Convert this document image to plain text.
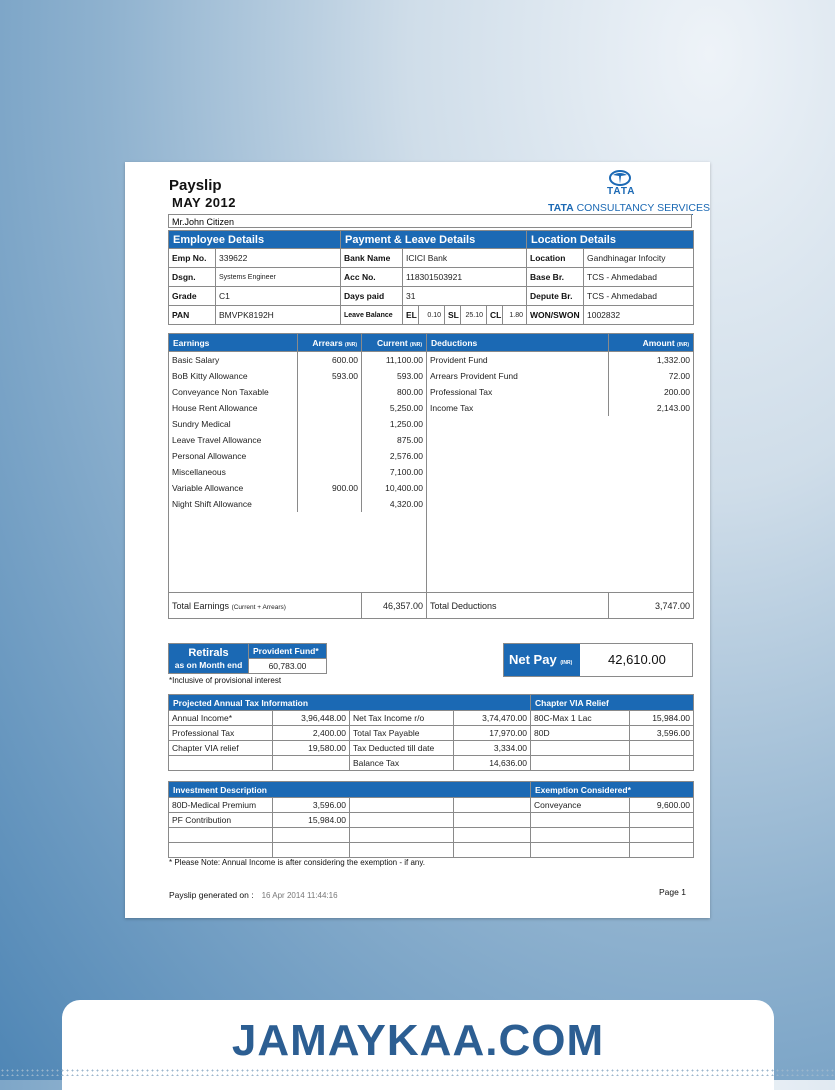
Payslip
MAY 2012
TATA
TATA CONSULTANCY SERVICES
Mr.John Citizen
Employee Details		Payment & Leave Details							Location Details	
Emp No.	339622	Bank Name	ICICI Bank						Location	Gandhinagar Infocity
Dsgn.	Systems Engineer	Acc No.	118301503921						Base Br.	TCS - Ahmedabad
Grade	C1	Days paid	31						Depute Br.	TCS - Ahmedabad
PAN	BMVPK8192H	Leave Balance	EL	0.10	SL	25.10	CL	1.80	WON/SWON	1002832
Earnings	Arrears (INR)	Current (INR)	Deductions	Amount (INR)
Basic Salary	600.00	11,100.00	Provident Fund	1,332.00
BoB Kitty Allowance	593.00	593.00	Arrears Provident Fund	72.00
Conveyance Non Taxable		800.00	Professional Tax	200.00
House Rent Allowance		5,250.00	Income Tax	2,143.00
Sundry Medical		1,250.00		
Leave Travel Allowance		875.00		
Personal Allowance		2,576.00		
Miscellaneous		7,100.00		
Variable Allowance	900.00	10,400.00		
Night Shift Allowance		4,320.00		

Total Earnings (Current + Arrears)		46,357.00	Total Deductions	3,747.00
Retirals
as on Month end	Provident Fund*
60,783.00
*Inclusive of provisional interest
Net Pay (INR)	42,610.00
Projected Annual Tax Information				Chapter VIA Relief	
Annual Income*	3,96,448.00	Net Tax Income r/o	3,74,470.00	80C-Max 1 Lac	15,984.00
Professional Tax	2,400.00	Total Tax Payable	17,970.00	80D	3,596.00
Chapter VIA relief	19,580.00	Tax Deducted till date	3,334.00		
		Balance Tax	14,636.00		
Investment Description				Exemption Considered*	
80D-Medical Premium	3,596.00			Conveyance	9,600.00
PF Contribution	15,984.00				

* Please Note: Annual Income is after considering the exemption - if any.
Payslip generated on : 16 Apr 2014 11:44:16	Page 1
JAMAYKAA.COM
